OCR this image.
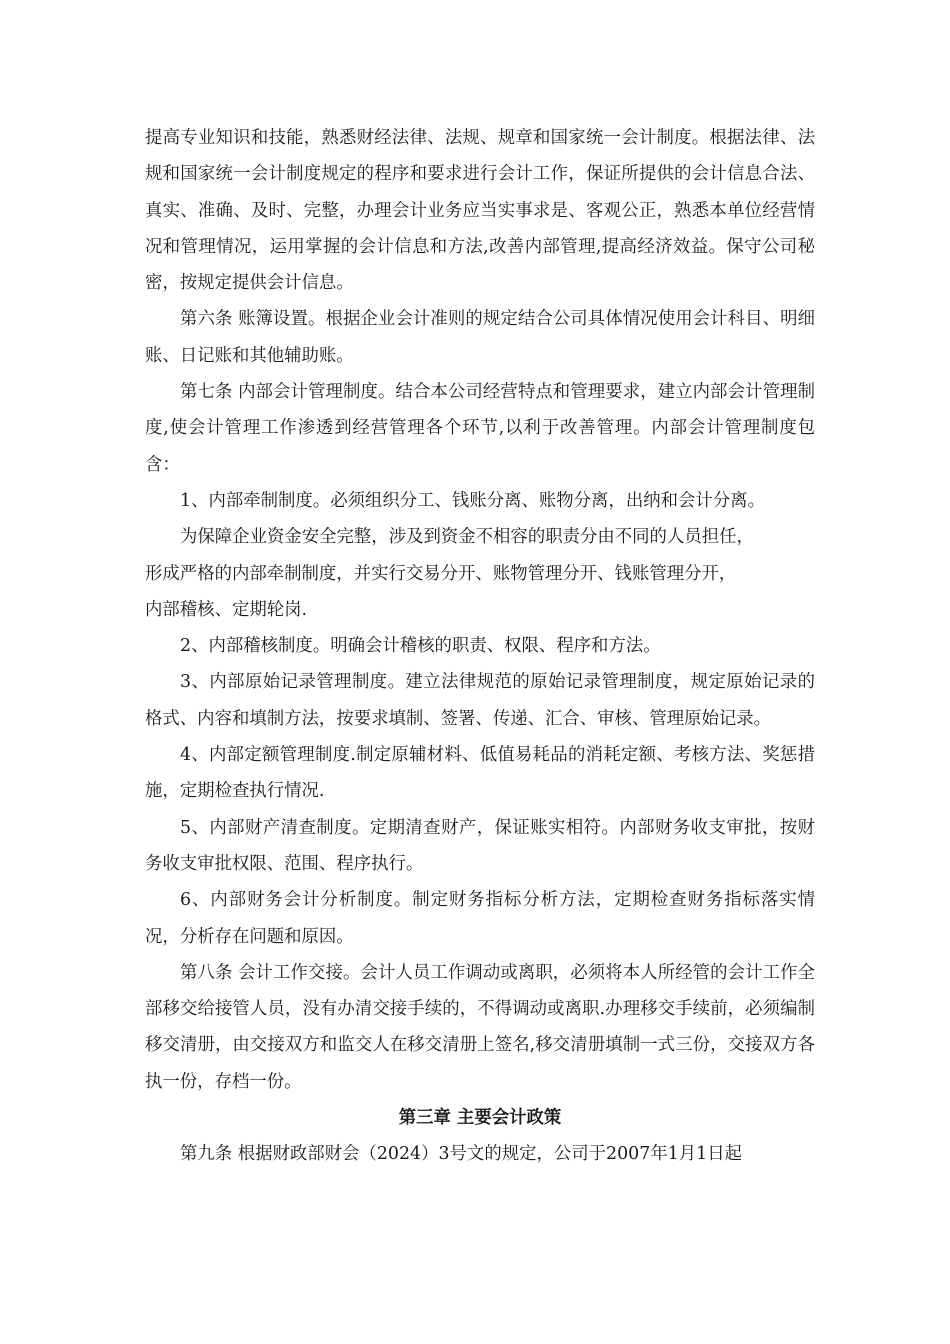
提高专业知识和技能，熟悉财经法律、法规、规章和国家统一会计制度。根据法律、法规和国家统一会计制度规定的程序和要求进行会计工作，保证所提供的会计信息合法、真实、准确、及时、完整，办理会计业务应当实事求是、客观公正，熟悉本单位经营情况和管理情况，运用掌握的会计信息和方法,改善内部管理,提高经济效益。保守公司秘密，按规定提供会计信息。

第六条 账簿设置。根据企业会计准则的规定结合公司具体情况使用会计科目、明细账、日记账和其他辅助账。

第七条 内部会计管理制度。结合本公司经营特点和管理要求，建立内部会计管理制度,使会计管理工作渗透到经营管理各个环节,以利于改善管理。内部会计管理制度包含：

1、内部牵制制度。必须组织分工、钱账分离、账物分离，出纳和会计分离。

为保障企业资金安全完整，涉及到资金不相容的职责分由不同的人员担任，

形成严格的内部牵制制度，并实行交易分开、账物管理分开、钱账管理分开，

内部稽核、定期轮岗.

2、内部稽核制度。明确会计稽核的职责、权限、程序和方法。

3、内部原始记录管理制度。建立法律规范的原始记录管理制度，规定原始记录的格式、内容和填制方法，按要求填制、签署、传递、汇合、审核、管理原始记录。

4、内部定额管理制度.制定原辅材料、低值易耗品的消耗定额、考核方法、奖惩措施，定期检查执行情况.

5、内部财产清查制度。定期清查财产，保证账实相符。内部财务收支审批，按财务收支审批权限、范围、程序执行。

6、内部财务会计分析制度。制定财务指标分析方法，定期检查财务指标落实情况，分析存在问题和原因。

第八条 会计工作交接。会计人员工作调动或离职，必须将本人所经管的会计工作全部移交给接管人员，没有办清交接手续的，不得调动或离职.办理移交手续前，必须编制移交清册，由交接双方和监交人在移交清册上签名,移交清册填制一式三份，交接双方各执一份，存档一份。

第三章 主要会计政策

第九条 根据财政部财会（2024）3号文的规定，公司于2007年1月1日起
